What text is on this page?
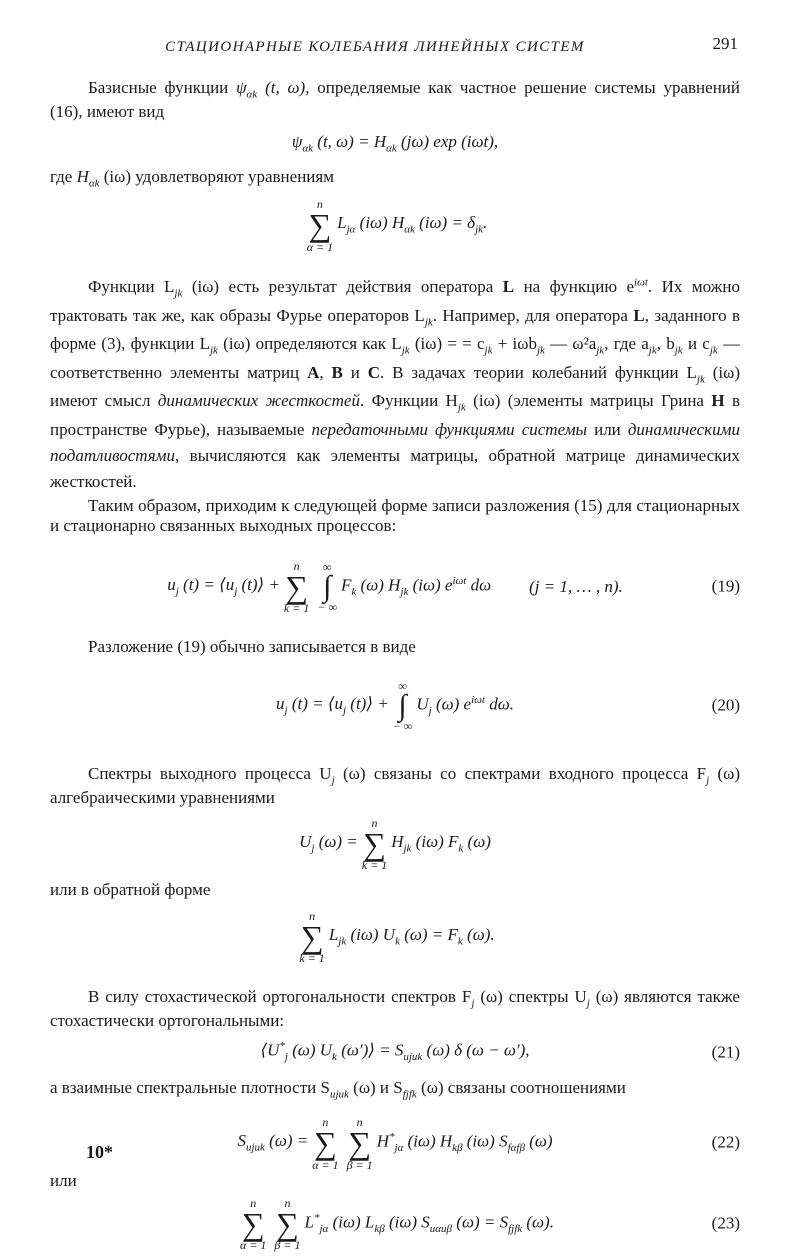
СТАЦИОНАРНЫЕ КОЛЕБАНИЯ ЛИНЕЙНЫХ СИСТЕМ	291

Базисные функции $\psi_{\alpha k}$ (t, ω), определяемые как частное решение системы уравнений (16), имеют вид

$\psi_{\alpha k}$ (t, $\omega) = H_{\alpha k}$ (jω) exp (iωt),

где $H_{\alpha k}$ (iω) удовлетворяют уравнениям

n
∑
α = 1
$L_{j\alpha}$ (iω) $H_{\alpha k}$ $(i\omega) = \delta_{jk}$.

Функции $L_{jk}$ (iω) есть результат действия оператора L на функцию $e^{i\omega t}$. Их можно трактовать так же, как образы Фурье операторов $L_{jk}$. Например, для оператора L, заданного в форме (3), функции $L_{jk}$ (iω) определяются как $L_{jk}$ (iω) = = $c_{jk} + i\omega b_{jk}$ — $\omega^2a_{jk}$, где $a_{jk}$, $b_{jk}$ и $c_{jk}$ — соответственно элементы матриц A, B и C. В задачах теории колебаний функции $L_{jk}$ (iω) имеют смысл динамических жесткостей. Функции $H_{jk}$ (iω) (элементы матрицы Грина H в пространстве Фурье), называемые передаточными функциями системы или динамическими податливостями, вычисляются как элементы матрицы, обратной матрице динамических жесткостей.

Таким образом, приходим к следующей форме записи разложения (15) для стационарных и стационарно связанных выходных процессов:

$u_j$ $(t) = ⟨u_j$ (t)⟩ +
n
∑
k = 1
∞
∫
− ∞
$F_k$ (ω) $H_{jk}$ (iω) $e^{i\omega t}$ dω (j = 1, … , n).	(19)

Разложение (19) обычно записывается в виде

$u_j$ $(t) = ⟨u_j$ (t)⟩ +
∞
∫
− ∞
$U_j$ (ω) $e^{i\omega t}$ dω.	(20)

Спектры выходного процесса $U_j$ (ω) связаны со спектрами входного процесса $F_j$ (ω) алгебраическими уравнениями

$U_j$ (ω) =
n
∑
k = 1
$H_{jk}$ (iω) $F_k$ (ω)

или в обратной форме

n
∑
k = 1
$L_{jk}$ (iω) $U_k$ $(\omega) = F_k$ (ω).

В силу стохастической ортогональности спектров $F_j$ (ω) спектры $U_j$ (ω) являются также стохастически ортогональными:

$⟨U^*_j$ (ω) $U_k$ (ω′)⟩ = $S_{ujuk}$ (ω) δ (ω − ω′),	(21)

а взаимные спектральные плотности $S_{ujuk}$ (ω) и $S_{fjfk}$ (ω) связаны соотношениями

$S_{ujuk}$ (ω) =
n
∑
α = 1
n
∑
β = 1
$H^*_{j\alpha}$ (iω) $H_{k\beta}$ (iω) $S_{f\alpha f\beta}$ (ω)	(22)

или

n
∑
α = 1
n
∑
β = 1
$L^*_{j\alpha}$ (iω) $L_{k\beta}$ (iω) $S_{u\alpha u\beta}$ $(\omega) = S_{fjfk}$ (ω).	(23)
10*
